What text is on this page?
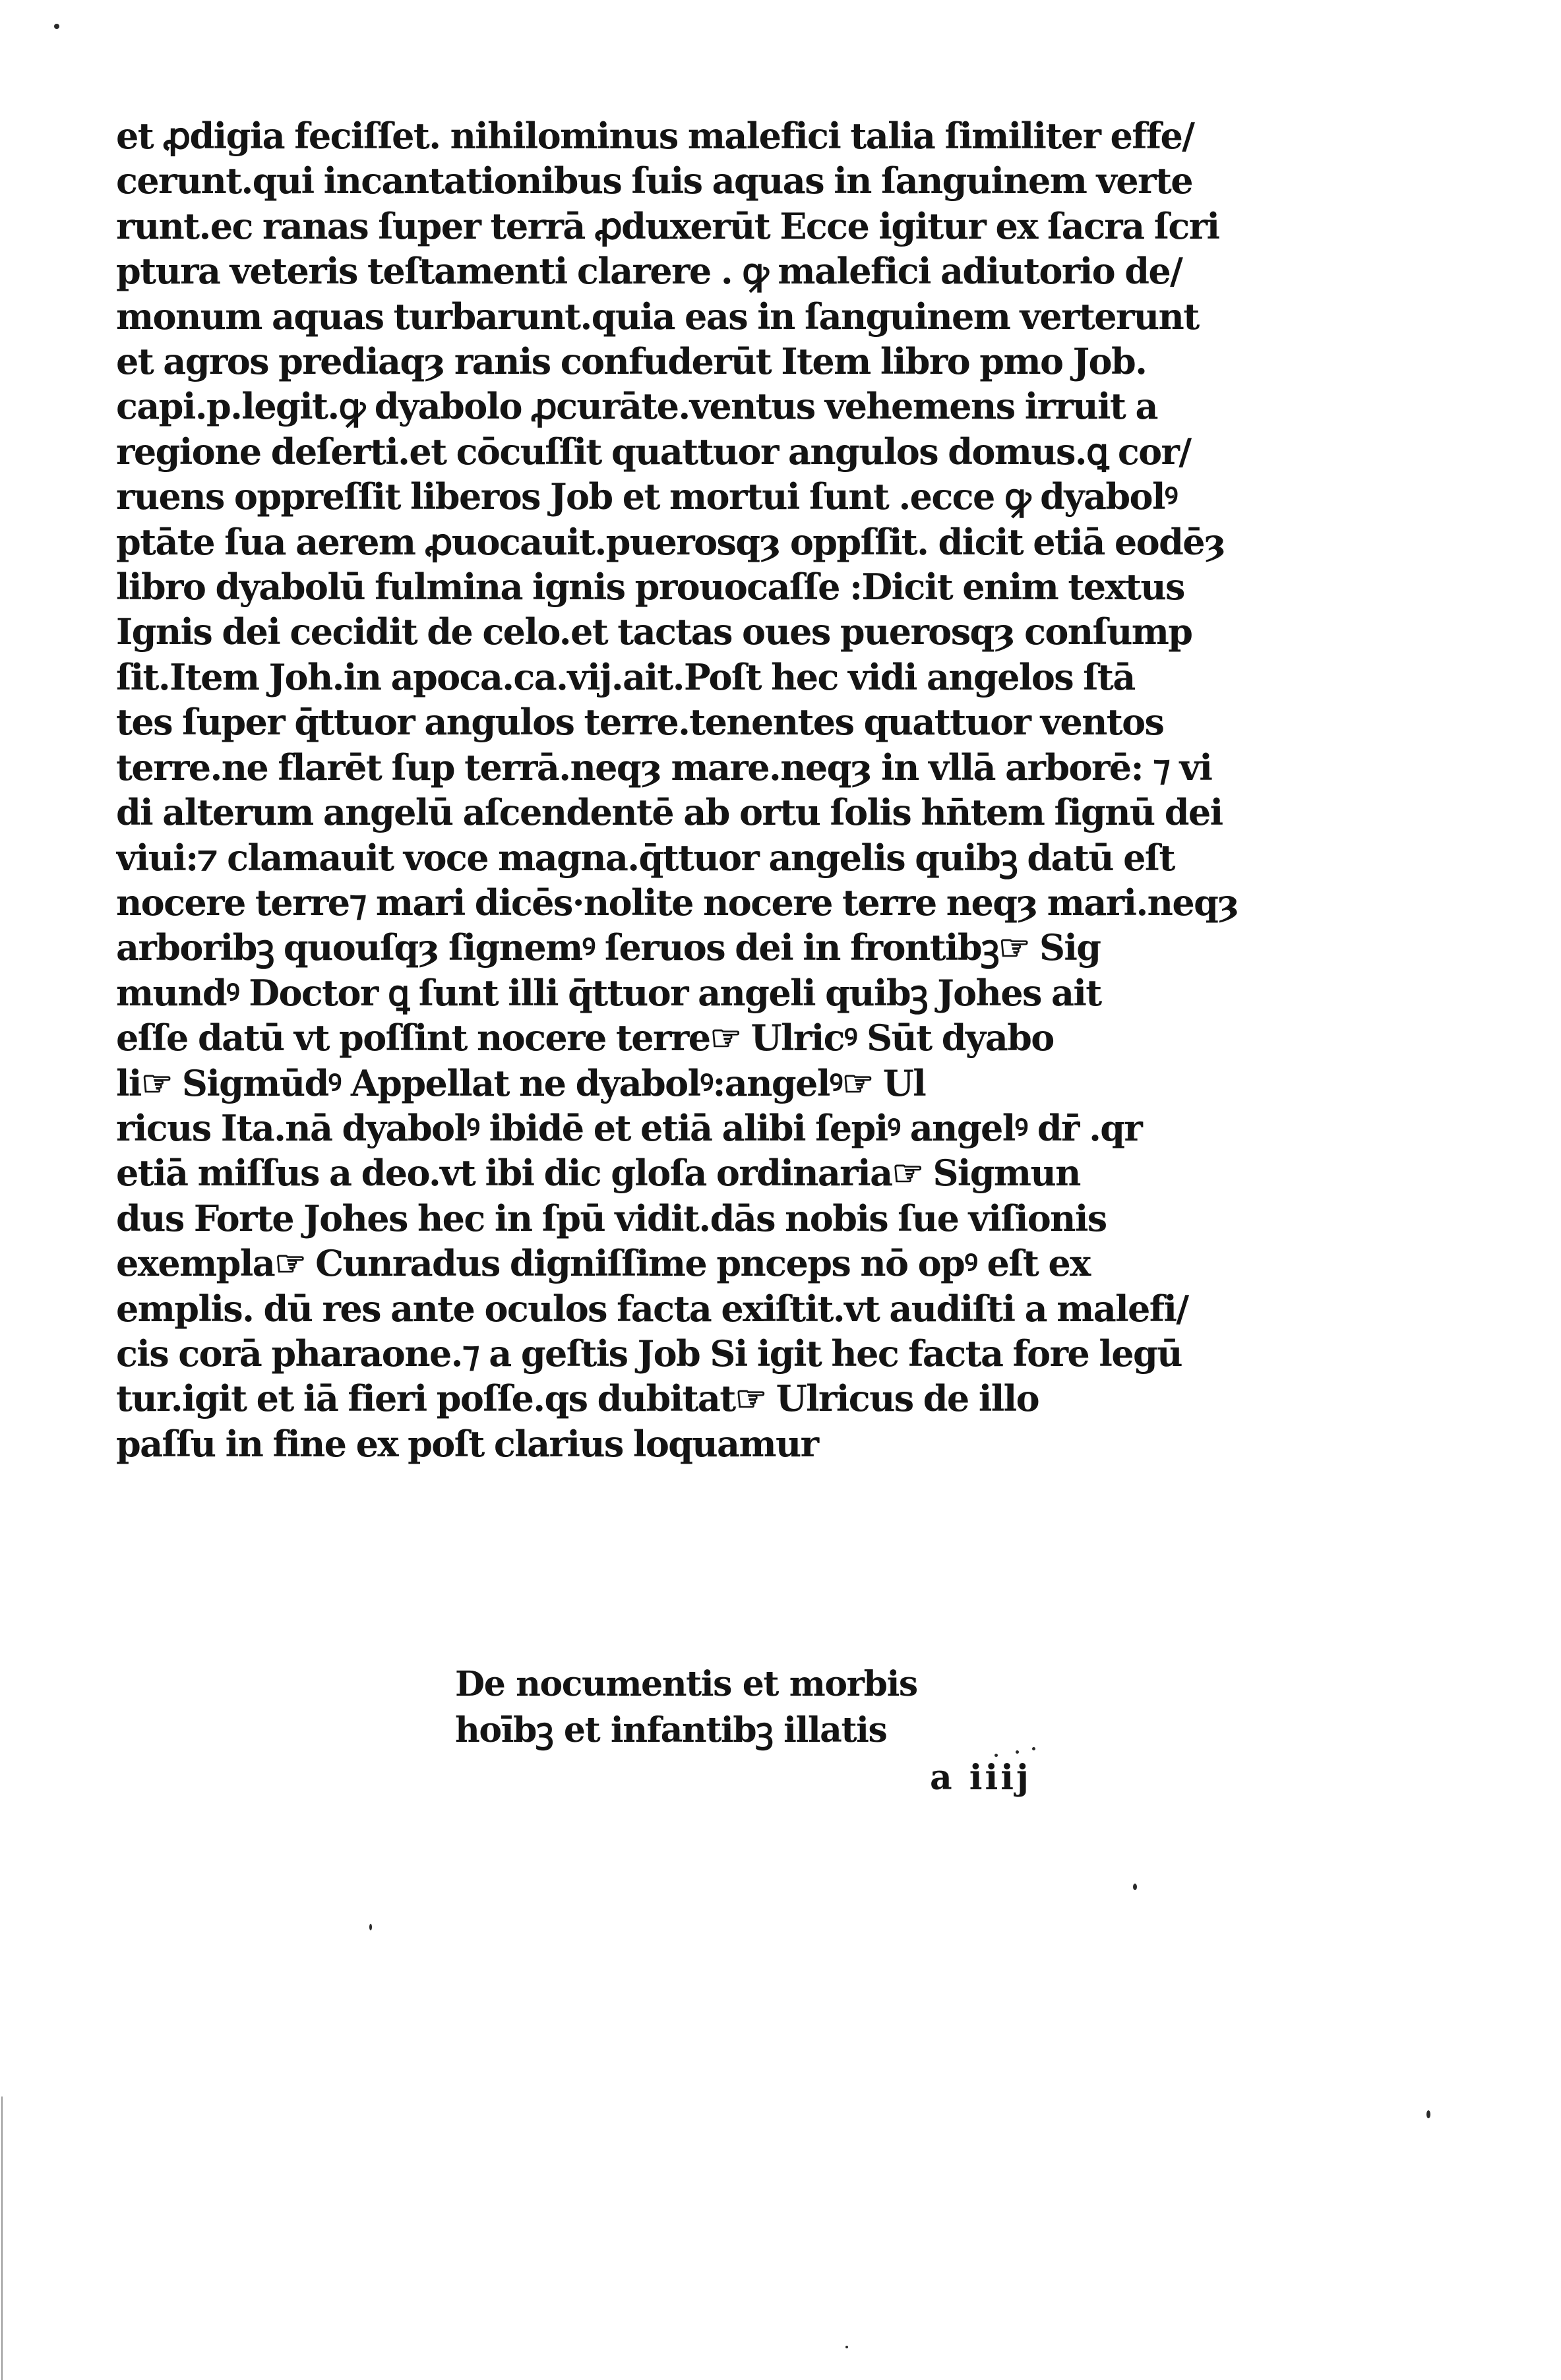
et ꝓdigia feciſſet. nihilominus malefici talia ſimiliter effe/
cerunt.qui incantationibus ſuis aquas in ſanguinem verte
runt.ec ranas ſuper terrā ꝓduxerūt Ecce igitur ex ſacra ſcri
ptura veteris teſtamenti clarere . ꝙ malefici adiutorio de/
monum aquas turbarunt.quia eas in ſanguinem verterunt
et agros prediaqȝ ranis confuderūt Item libro pmo Job.
capi.p.legit.ꝙ dyabolo ꝓcurāte.ventus vehemens irruit a
regione deſerti.et cōcuſſit quattuor angulos domus.ꝗ cor/
ruens oppreſſit liberos Job et mortui ſunt .ecce ꝙ dyabolꝰ
ptāte ſua aerem ꝓuocauit.puerosqȝ oppſſit. dicit etiā eodēȝ
libro dyabolū fulmina ignis prouocaſſe :Dicit enim textus
Ignis dei cecidit de celo.et tactas oues puerosqȝ conſump
ſit.Item Joh.in apoca.ca.vij.ait.Poſt hec vidi angelos ſtā
tes ſuper q̄ttuor angulos terre.tenentes quattuor ventos
terre.ne flarēt ſup terrā.neqȝ mare.neqȝ in vllā arborē: ⁊ vi
di alterum angelū aſcendentē ab ortu ſolis hn̄tem ſignū dei
viui:⁊ clamauit voce magna.q̄ttuor angelis quibꝫ datū eſt
nocere terre⁊ mari dicēs·nolite nocere terre neqȝ mari.neqȝ
arboribꝫ quouſqȝ ſignemꝰ ſeruos dei in frontibꝫ☞ Sig
mundꝰ Doctor ꝗ ſunt illi q̄ttuor angeli quibꝫ Johes ait
eſſe datū vt poſſint nocere terre☞ Ulricꝰ Sūt dyabo
li☞ Sigmūdꝰ Appellat ne dyabolꝰ:angelꝰ☞ Ul
ricus Ita.nā dyabolꝰ ibidē et etiā alibi ſepiꝰ angelꝰ dr̄ .qr
etiā miſſus a deo.vt ibi dic gloſa ordinaria☞ Sigmun
dus Forte Johes hec in ſpū vidit.dās nobis ſue viſionis
exempla☞ Cunradus digniſſime pnceps nō opꝰ eſt ex
emplis. dū res ante oculos facta exiſtit.vt audiſti a malefi/
cis corā pharaone.⁊ a geſtis Job Si igit hec facta fore legū
tur.igit et iā fieri poſſe.qs dubitat☞ Ulricus de illo
paſſu in fine ex poſt clarius loquamur
De nocumentis et morbis
hoībꝫ et infantibꝫ illatis
a iiij
